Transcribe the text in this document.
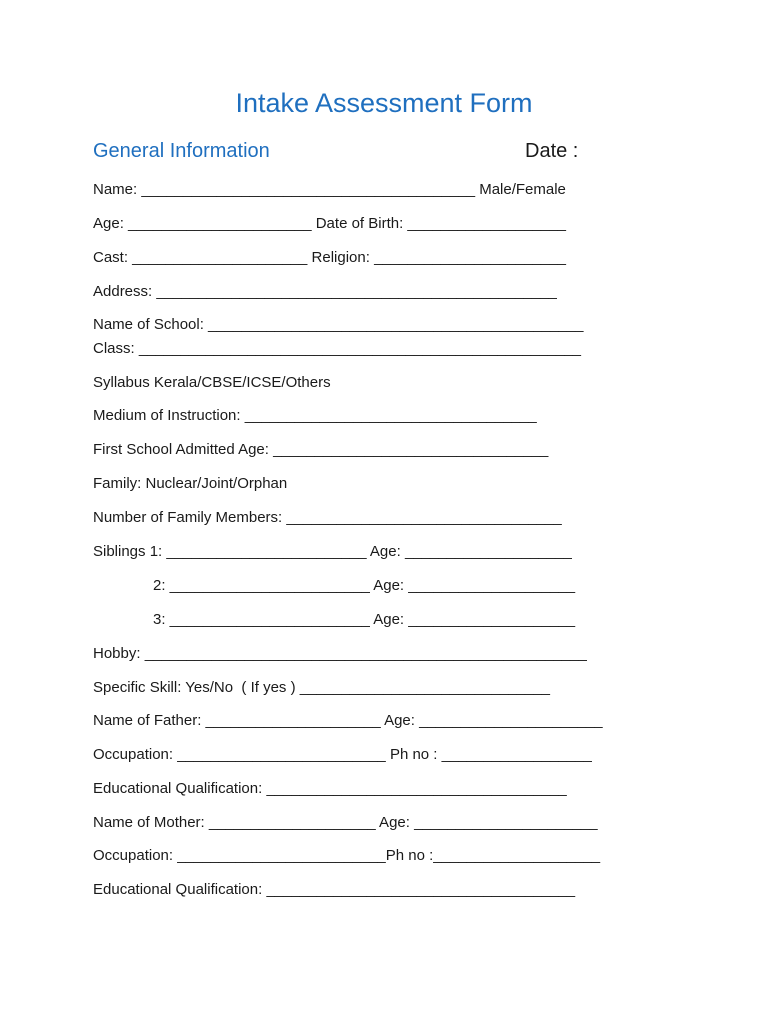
Intake Assessment Form
General Information	Date :
Name: ________________________________________ Male/Female
Age: ______________________ Date of Birth: ___________________
Cast: _____________________ Religion: _______________________
Address: ________________________________________________
Name of School: _____________________________________________
Class: _____________________________________________________
Syllabus Kerala/CBSE/ICSE/Others
Medium of Instruction: ___________________________________
First School Admitted Age: _________________________________
Family: Nuclear/Joint/Orphan
Number of Family Members: _________________________________
Siblings 1: ________________________ Age: ____________________
2: ________________________ Age: ____________________
3: ________________________ Age: ____________________
Hobby: _____________________________________________________
Specific Skill: Yes/No  ( If yes ) ______________________________
Name of Father: _____________________ Age: ______________________
Occupation: _________________________ Ph no : __________________
Educational Qualification: ____________________________________
Name of Mother: ____________________ Age: ______________________
Occupation: _________________________Ph no :____________________
Educational Qualification: _____________________________________
